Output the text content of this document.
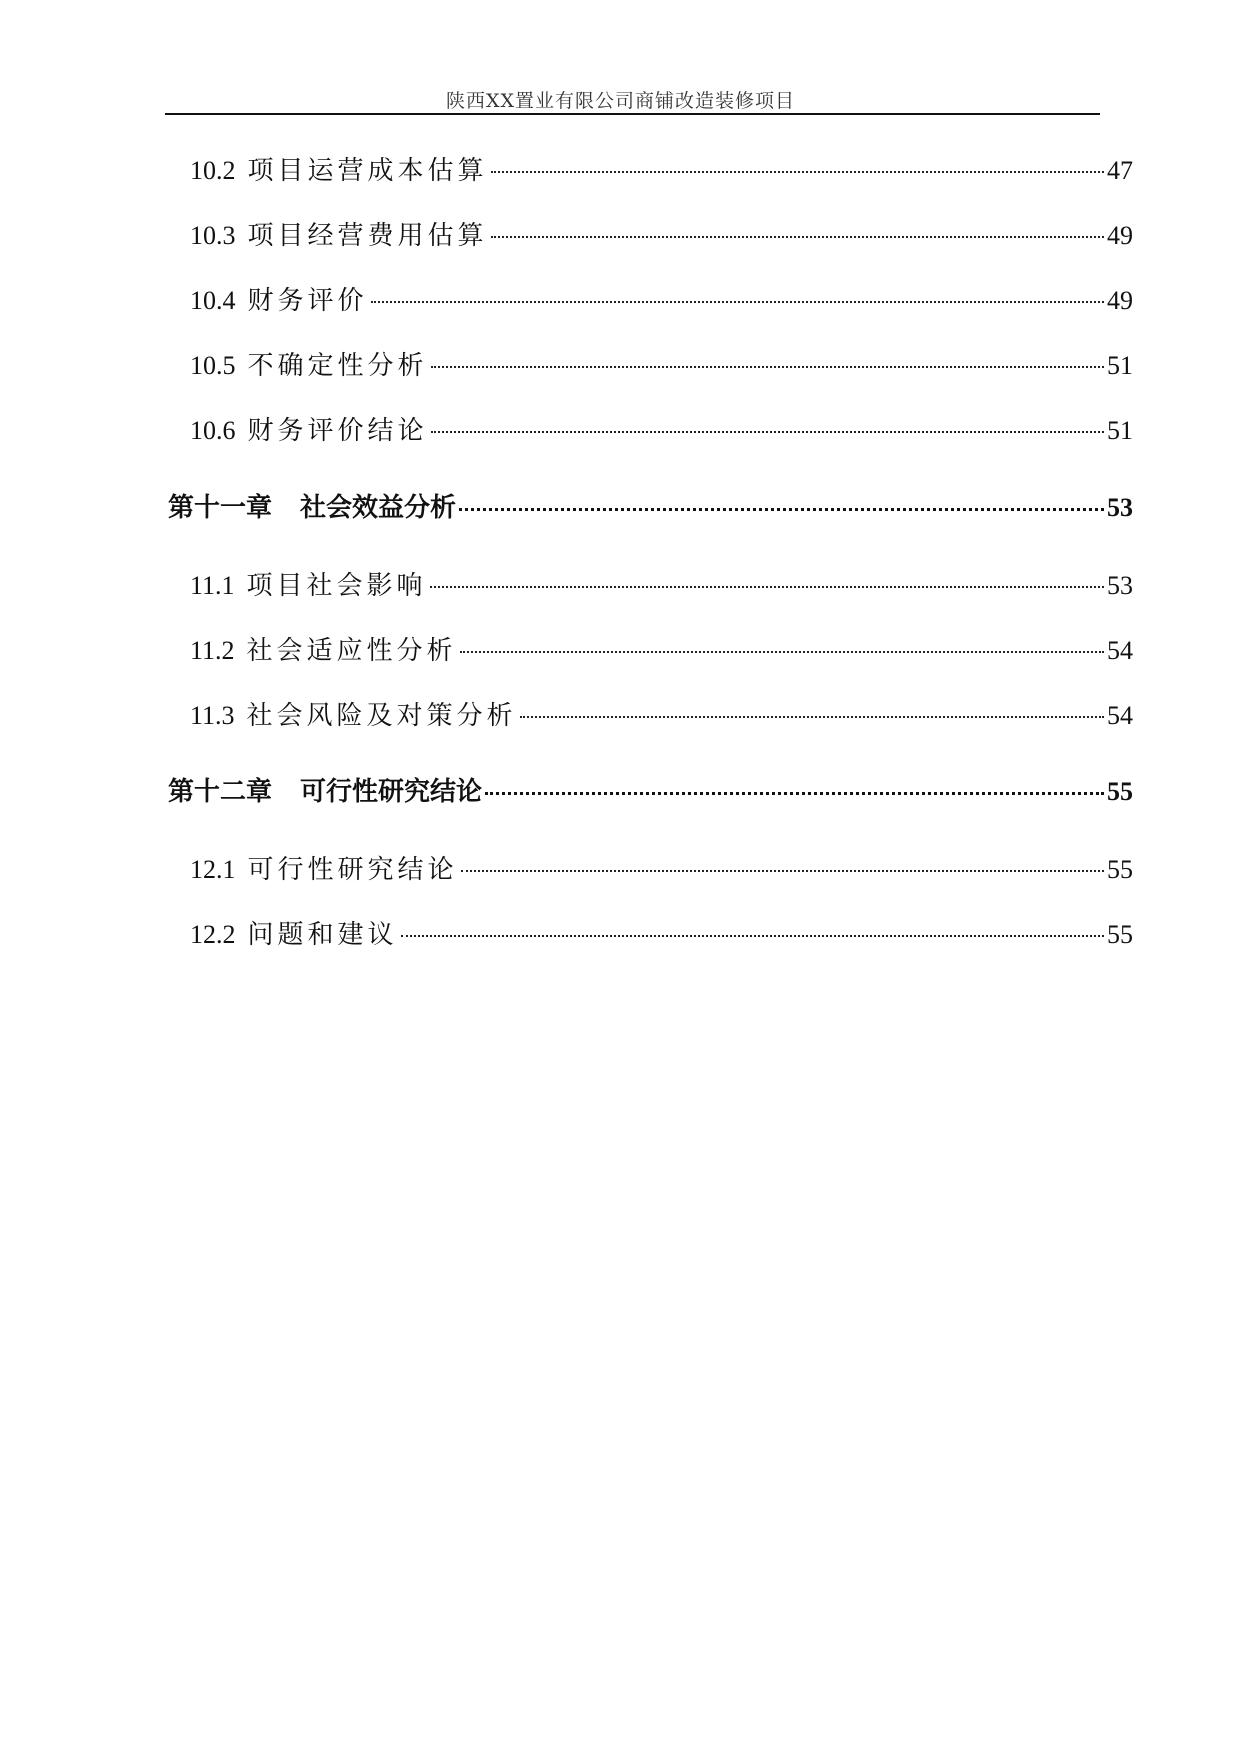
陕西XX置业有限公司商铺改造装修项目
10.2 项目运营成本估算	47
10.3 项目经营费用估算	49
10.4 财务评价	49
10.5 不确定性分析	51
10.6 财务评价结论	51
第十一章 社会效益分析	53
11.1 项目社会影响	53
11.2 社会适应性分析	54
11.3 社会风险及对策分析	54
第十二章 可行性研究结论	55
12.1 可行性研究结论	55
12.2 问题和建议	55
